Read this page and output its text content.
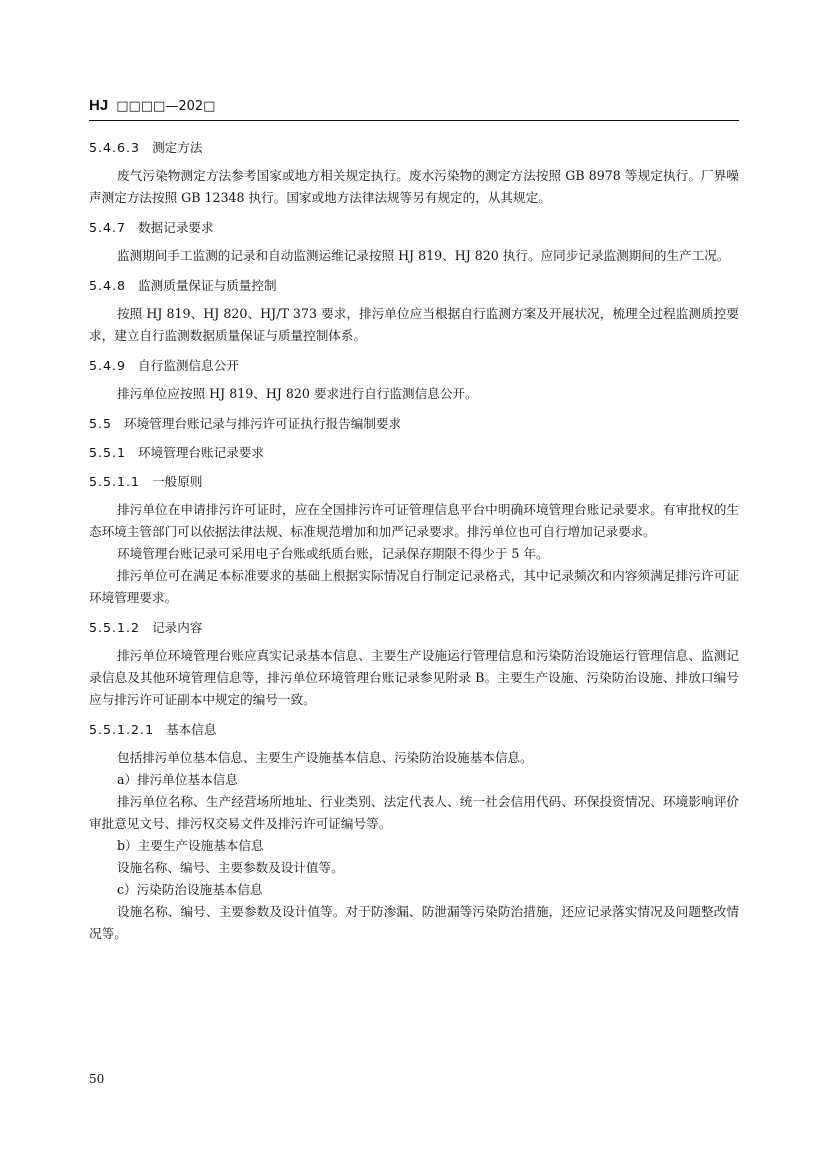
HJ □□□□—202□
5.4.6.3 测定方法

废气污染物测定方法参考国家或地方相关规定执行。废水污染物的测定方法按照 GB 8978 等规定执行。厂界噪声测定方法按照 GB 12348 执行。国家或地方法律法规等另有规定的，从其规定。

5.4.7 数据记录要求

监测期间手工监测的记录和自动监测运维记录按照 HJ 819、HJ 820 执行。应同步记录监测期间的生产工况。

5.4.8 监测质量保证与质量控制

按照 HJ 819、HJ 820、HJ/T 373 要求，排污单位应当根据自行监测方案及开展状况，梳理全过程监测质控要求，建立自行监测数据质量保证与质量控制体系。

5.4.9 自行监测信息公开

排污单位应按照 HJ 819、HJ 820 要求进行自行监测信息公开。

5.5 环境管理台账记录与排污许可证执行报告编制要求
5.5.1 环境管理台账记录要求
5.5.1.1 一般原则

排污单位在申请排污许可证时，应在全国排污许可证管理信息平台中明确环境管理台账记录要求。有审批权的生态环境主管部门可以依据法律法规、标准规范增加和加严记录要求。排污单位也可自行增加记录要求。

环境管理台账记录可采用电子台账或纸质台账，记录保存期限不得少于 5 年。

排污单位可在满足本标准要求的基础上根据实际情况自行制定记录格式，其中记录频次和内容须满足排污许可证环境管理要求。

5.5.1.2 记录内容

排污单位环境管理台账应真实记录基本信息、主要生产设施运行管理信息和污染防治设施运行管理信息、监测记录信息及其他环境管理信息等，排污单位环境管理台账记录参见附录 B。主要生产设施、污染防治设施、排放口编号应与排污许可证副本中规定的编号一致。

5.5.1.2.1 基本信息

包括排污单位基本信息、主要生产设施基本信息、污染防治设施基本信息。

a）排污单位基本信息

排污单位名称、生产经营场所地址、行业类别、法定代表人、统一社会信用代码、环保投资情况、环境影响评价审批意见文号、排污权交易文件及排污许可证编号等。

b）主要生产设施基本信息

设施名称、编号、主要参数及设计值等。

c）污染防治设施基本信息

设施名称、编号、主要参数及设计值等。对于防渗漏、防泄漏等污染防治措施，还应记录落实情况及问题整改情况等。

50
